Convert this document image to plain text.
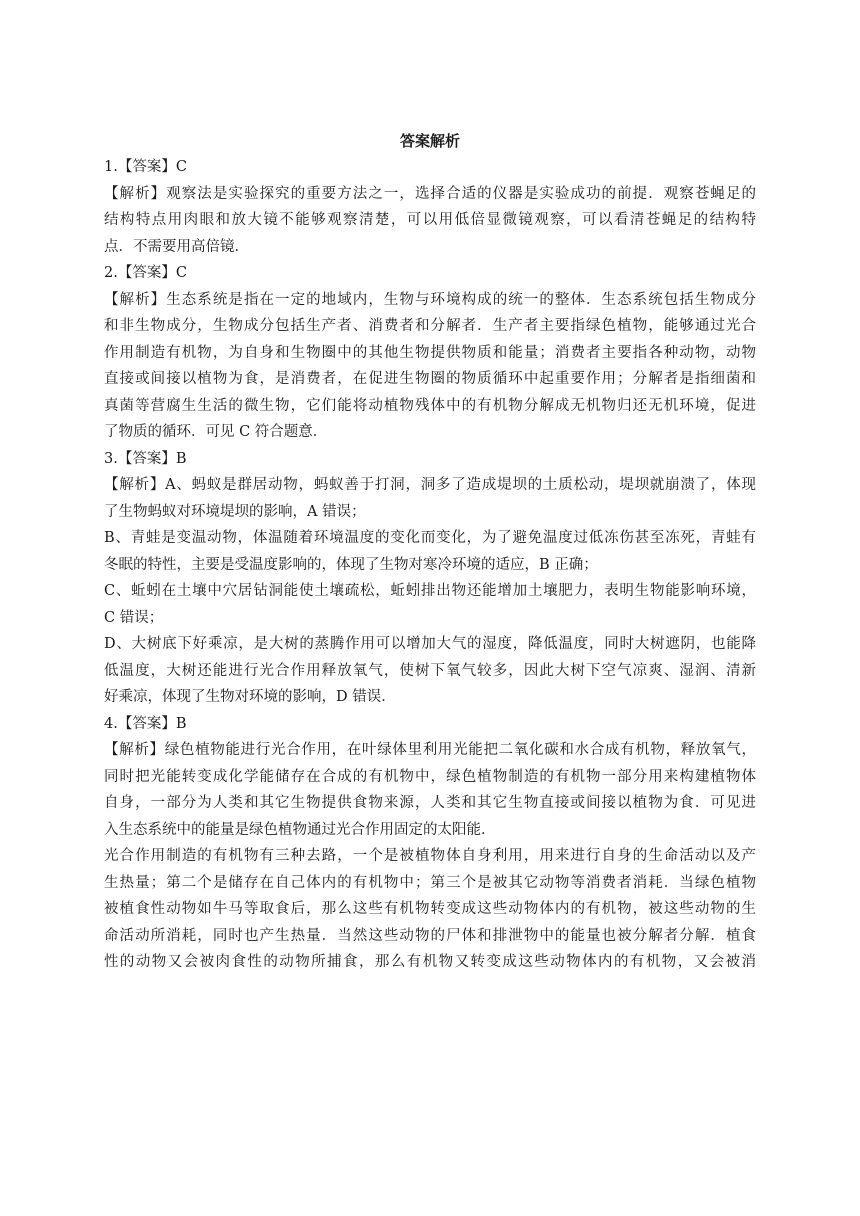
答案解析

1.【答案】C

【解析】观察法是实验探究的重要方法之一，选择合适的仪器是实验成功的前提．观察苍蝇足的

结构特点用肉眼和放大镜不能够观察清楚，可以用低倍显微镜观察，可以看清苍蝇足的结构特

点．不需要用高倍镜．

2.【答案】C

【解析】生态系统是指在一定的地域内，生物与环境构成的统一的整体．生态系统包括生物成分

和非生物成分，生物成分包括生产者、消费者和分解者．生产者主要指绿色植物，能够通过光合

作用制造有机物，为自身和生物圈中的其他生物提供物质和能量；消费者主要指各种动物，动物

直接或间接以植物为食，是消费者，在促进生物圈的物质循环中起重要作用；分解者是指细菌和

真菌等营腐生生活的微生物，它们能将动植物残体中的有机物分解成无机物归还无机环境，促进

了物质的循环．可见 C 符合题意．

3.【答案】B

【解析】A、蚂蚁是群居动物，蚂蚁善于打洞，洞多了造成堤坝的土质松动，堤坝就崩溃了，体现

了生物蚂蚁对环境堤坝的影响，A 错误；

B、青蛙是变温动物，体温随着环境温度的变化而变化，为了避免温度过低冻伤甚至冻死，青蛙有

冬眠的特性，主要是受温度影响的，体现了生物对寒冷环境的适应，B 正确；

C、蚯蚓在土壤中穴居钻洞能使土壤疏松，蚯蚓排出物还能增加土壤肥力，表明生物能影响环境，

C 错误；

D、大树底下好乘凉，是大树的蒸腾作用可以增加大气的湿度，降低温度，同时大树遮阴，也能降

低温度，大树还能进行光合作用释放氧气，使树下氧气较多，因此大树下空气凉爽、湿润、清新

好乘凉，体现了生物对环境的影响，D 错误．

4.【答案】B

【解析】绿色植物能进行光合作用，在叶绿体里利用光能把二氧化碳和水合成有机物，释放氧气，

同时把光能转变成化学能储存在合成的有机物中，绿色植物制造的有机物一部分用来构建植物体

自身，一部分为人类和其它生物提供食物来源，人类和其它生物直接或间接以植物为食．可见进

入生态系统中的能量是绿色植物通过光合作用固定的太阳能．

光合作用制造的有机物有三种去路，一个是被植物体自身利用，用来进行自身的生命活动以及产

生热量；第二个是储存在自己体内的有机物中；第三个是被其它动物等消费者消耗．当绿色植物

被植食性动物如牛马等取食后，那么这些有机物转变成这些动物体内的有机物，被这些动物的生

命活动所消耗，同时也产生热量．当然这些动物的尸体和排泄物中的能量也被分解者分解．植食

性的动物又会被肉食性的动物所捕食，那么有机物又转变成这些动物体内的有机物，又会被消
